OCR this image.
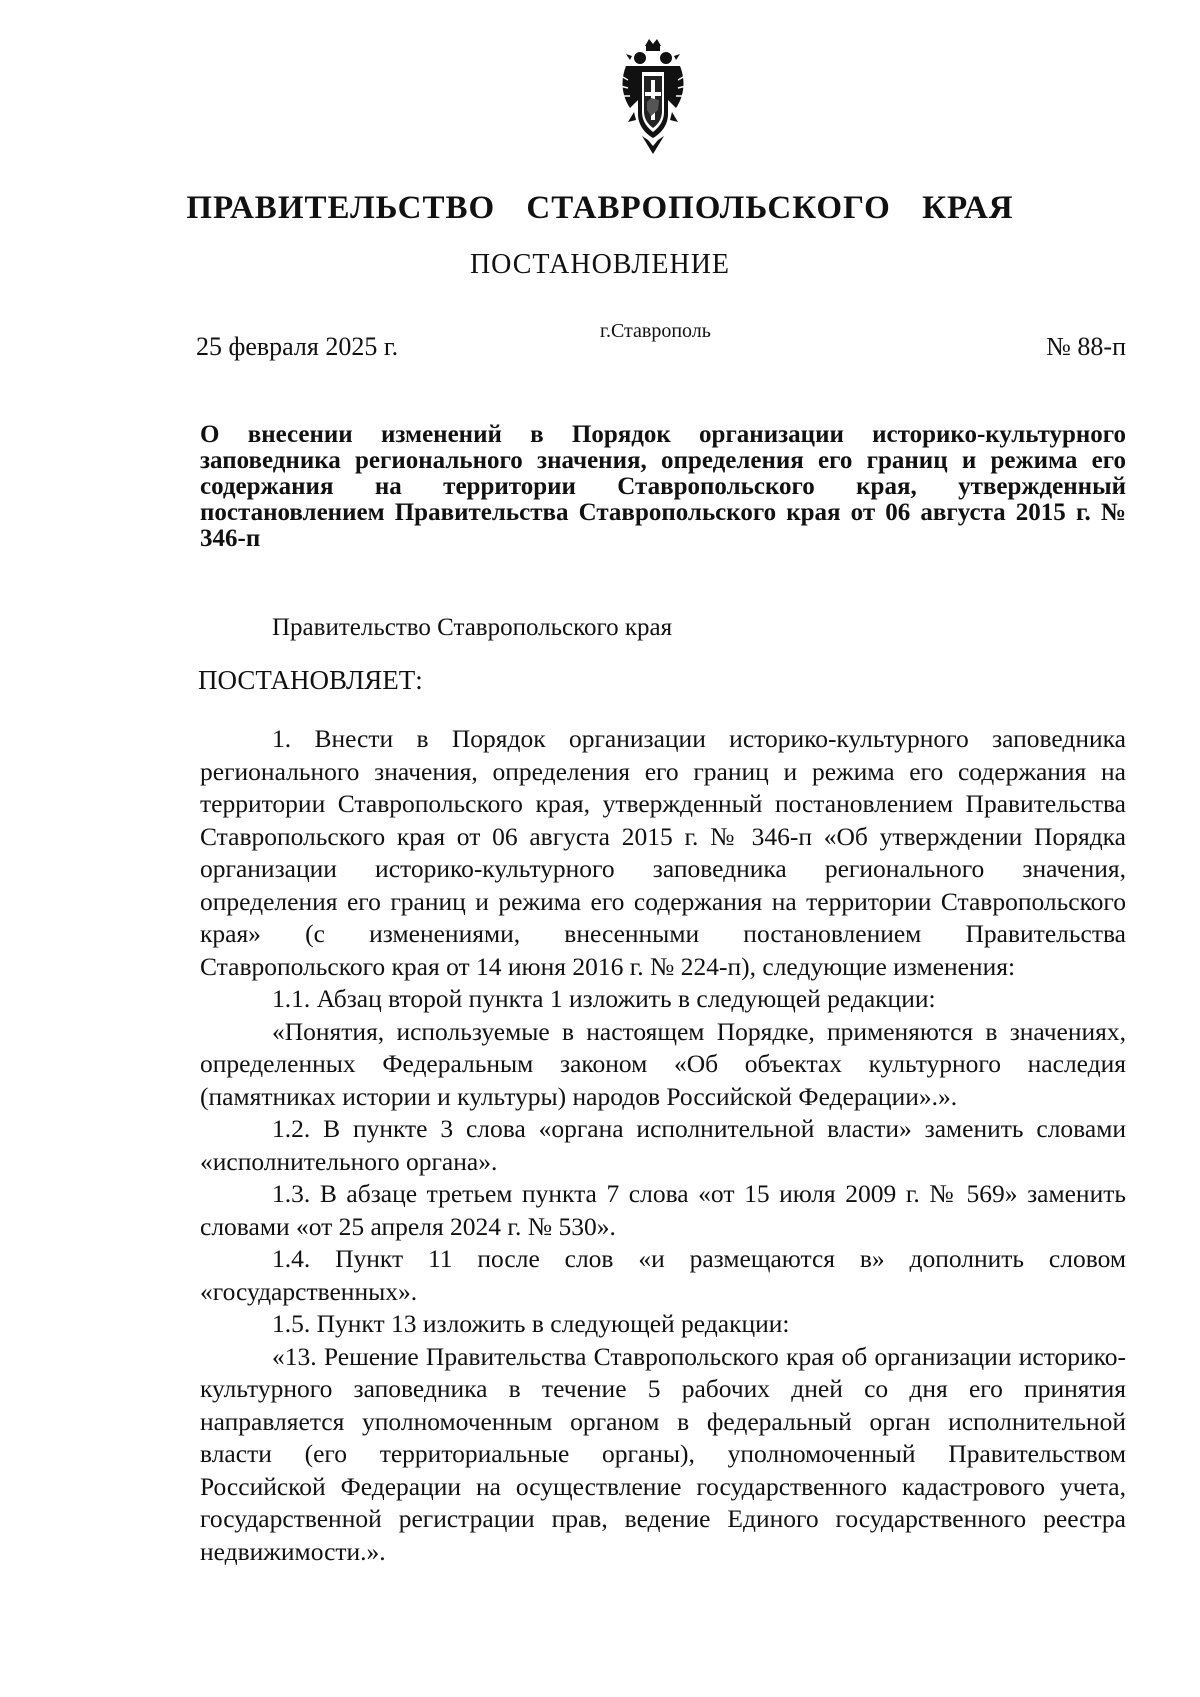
ПРАВИТЕЛЬСТВО СТАВРОПОЛЬСКОГО КРАЯ
ПОСТАНОВЛЕНИЕ
25 февраля 2025 г.
г.Ставрополь
№ 88-п
О внесении изменений в Порядок организации историко-культурного заповедника регионального значения, определения его границ и режима его содержания на территории Ставропольского края, утвержденный постановлением Правительства Ставропольского края от 06 августа 2015 г. № 346-п
Правительство Ставропольского края
ПОСТАНОВЛЯЕТ:

1. Внести в Порядок организации историко-культурного заповедника регионального значения, определения его границ и режима его содержания на территории Ставропольского края, утвержденный постановлением Правительства Ставропольского края от 06 августа 2015 г. № 346-п «Об утверждении Порядка организации историко-культурного заповедника регионального значения, определения его границ и режима его содержания на территории Ставропольского края» (с изменениями, внесенными постановлением Правительства Ставропольского края от 14 июня 2016 г. № 224-п), следующие изменения:

1.1. Абзац второй пункта 1 изложить в следующей редакции:

«Понятия, используемые в настоящем Порядке, применяются в значениях, определенных Федеральным законом «Об объектах культурного наследия (памятниках истории и культуры) народов Российской Федерации».».

1.2. В пункте 3 слова «органа исполнительной власти» заменить словами «исполнительного органа».

1.3. В абзаце третьем пункта 7 слова «от 15 июля 2009 г. № 569» заменить словами «от 25 апреля 2024 г. № 530».

1.4. Пункт 11 после слов «и размещаются в» дополнить словом «государственных».

1.5. Пункт 13 изложить в следующей редакции:

«13. Решение Правительства Ставропольского края об организации историко-культурного заповедника в течение 5 рабочих дней со дня его принятия направляется уполномоченным органом в федеральный орган исполнительной власти (его территориальные органы), уполномоченный Правительством Российской Федерации на осуществление государственного кадастрового учета, государственной регистрации прав, ведение Единого государственного реестра недвижимости.».
